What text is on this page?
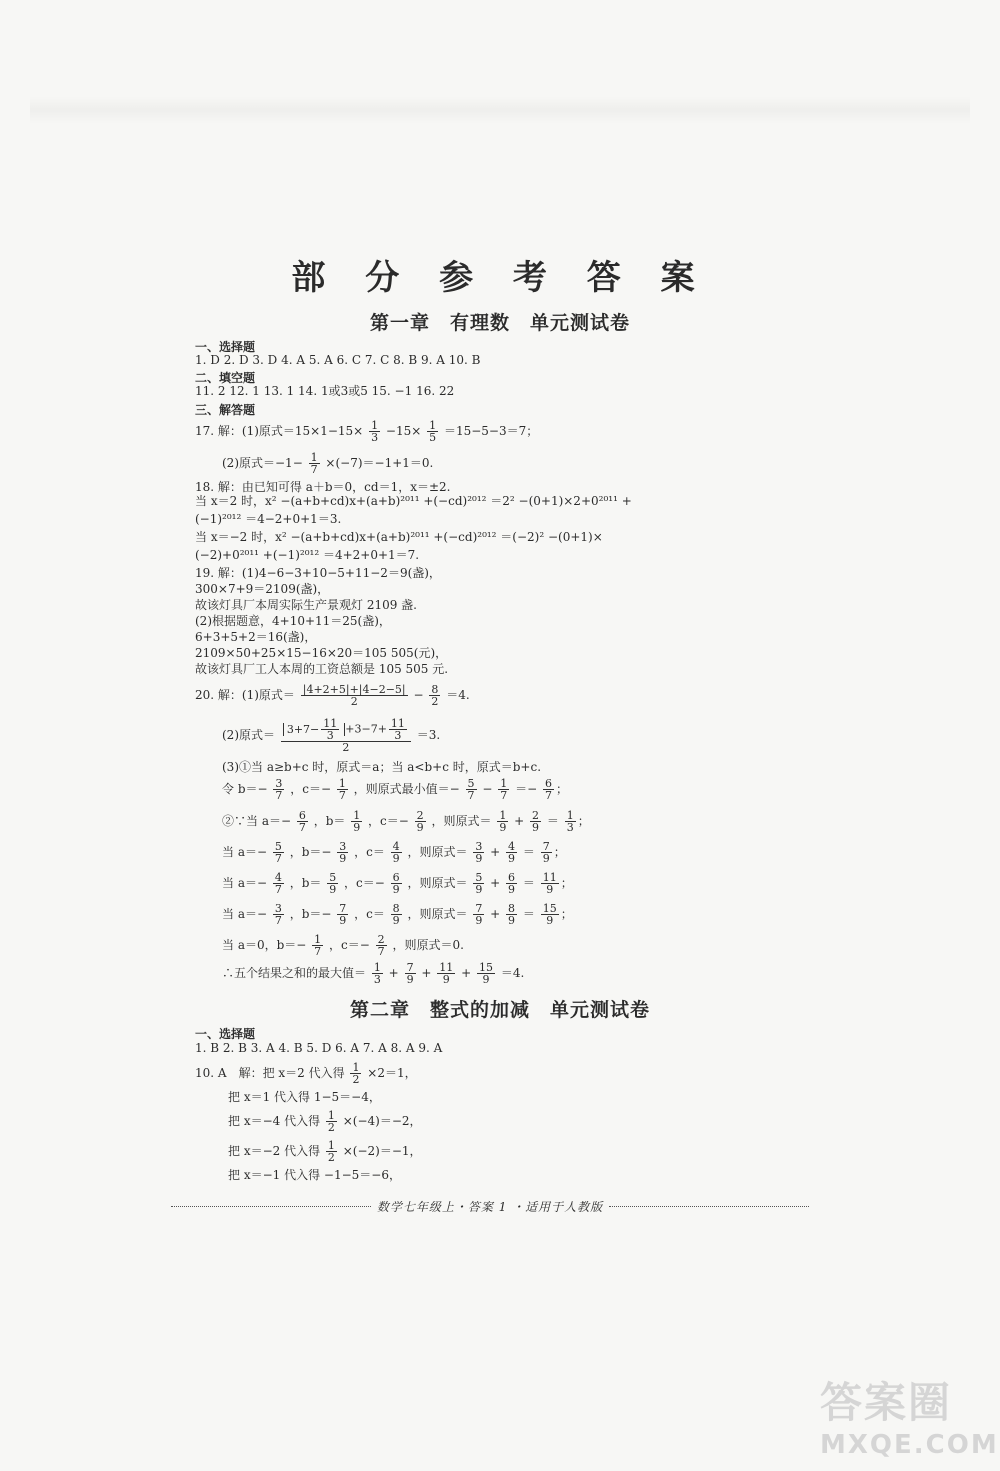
部 分 参 考 答 案
第一章　有理数　单元测试卷
一、选择题
1. D 2. D 3. D 4. A 5. A 6. C 7. C 8. B 9. A 10. B
二、填空题
11. 2 12. 1 13. 1 14. 1或3或5 15. −1 16. 22
三、解答题
17. 解：(1)原式$=15\times 1-15\times \frac{1}{3} -15\times \frac{1}{5} =15-5-3=7$；
(2)原式$=-1- \frac{1}{7} \times(-7)=-1+1=0$.
18. 解：由已知可得 a＋b＝0，cd＝1，x＝±2.
当 x＝2 时，x² −(a+b+cd)x+(a+b)²⁰¹¹ +(−cd)²⁰¹² ＝2² −(0+1)×2+0²⁰¹¹ +
(−1)²⁰¹² ＝4−2+0+1＝3.
当 x＝−2 时，x² −(a+b+cd)x+(a+b)²⁰¹¹ +(−cd)²⁰¹² ＝(−2)² −(0+1)×
(−2)+0²⁰¹¹ +(−1)²⁰¹² ＝4+2+0+1＝7.
19. 解：(1)4−6−3+10−5+11−2＝9(盏)，
300×7+9＝2109(盏)，
故该灯具厂本周实际生产景观灯 2109 盏.
(2)根据题意，4+10+11＝25(盏)，
6+3+5+2＝16(盏)，
2109×50+25×15−16×20＝105 505(元)，
故该灯具厂工人本周的工资总额是 105 505 元.
20. 解：(1)原式＝ $\frac{|4+2+5|+|4-2-5|}{2} - \frac{8}{2} =4$.
(2)原式＝ $\frac{3+7- \frac{11}{3} +3-7+ \frac{11}{3}}{2} =3$.
(3)①当 a≥b+c 时，原式＝a；当 a<b+c 时，原式＝b+c.
令 $b=- \frac{3}{7}$ ，$c=- \frac{1}{7}$ ，则原式最小值＝− $\frac{5}{7} - \frac{1}{7} =- \frac{6}{7}$ ；
②∵当 $a=- \frac{6}{7}$ ，$b= \frac{1}{9}$ ，$c=- \frac{2}{9}$ ，则原式＝ $\frac{1}{9} + \frac{2}{9} = \frac{1}{3}$ ；
当 $a=- \frac{5}{7}$ ，$b=- \frac{3}{9}$ ，$c= \frac{4}{9}$ ，则原式＝ $\frac{3}{9} + \frac{4}{9} = \frac{7}{9}$ ；
当 $a=- \frac{4}{7}$ ，$b= \frac{5}{9}$ ，$c=- \frac{6}{9}$ ，则原式＝ $\frac{5}{9} + \frac{6}{9} = \frac{11}{9}$ ；
当 $a=- \frac{3}{7}$ ，$b=- \frac{7}{9}$ ，$c= \frac{8}{9}$ ，则原式＝ $\frac{7}{9} + \frac{8}{9} = \frac{15}{9}$ ；
当 a＝0，$b=- \frac{1}{7}$ ，$c=- \frac{2}{7}$ ，则原式＝0.
∴五个结果之和的最大值＝ $\frac{1}{3} + \frac{7}{9} + \frac{11}{9} + \frac{15}{9} =4$.
第二章　整式的加减　单元测试卷
一、选择题
1. B 2. B 3. A 4. B 5. D 6. A 7. A 8. A 9. A
10. A　解：把 x＝2 代入得 $\frac{1}{2} \times 2=1$，
把 x＝1 代入得 1−5＝−4，
把 x＝−4 代入得 $\frac{1}{2} \times(-4)=-2$，
把 x＝−2 代入得 $\frac{1}{2} \times(-2)=-1$，
把 x＝−1 代入得 −1−5＝−6，
数学七年级上・答案 1 ・适用于人教版
答案圈
MXQE.COM
